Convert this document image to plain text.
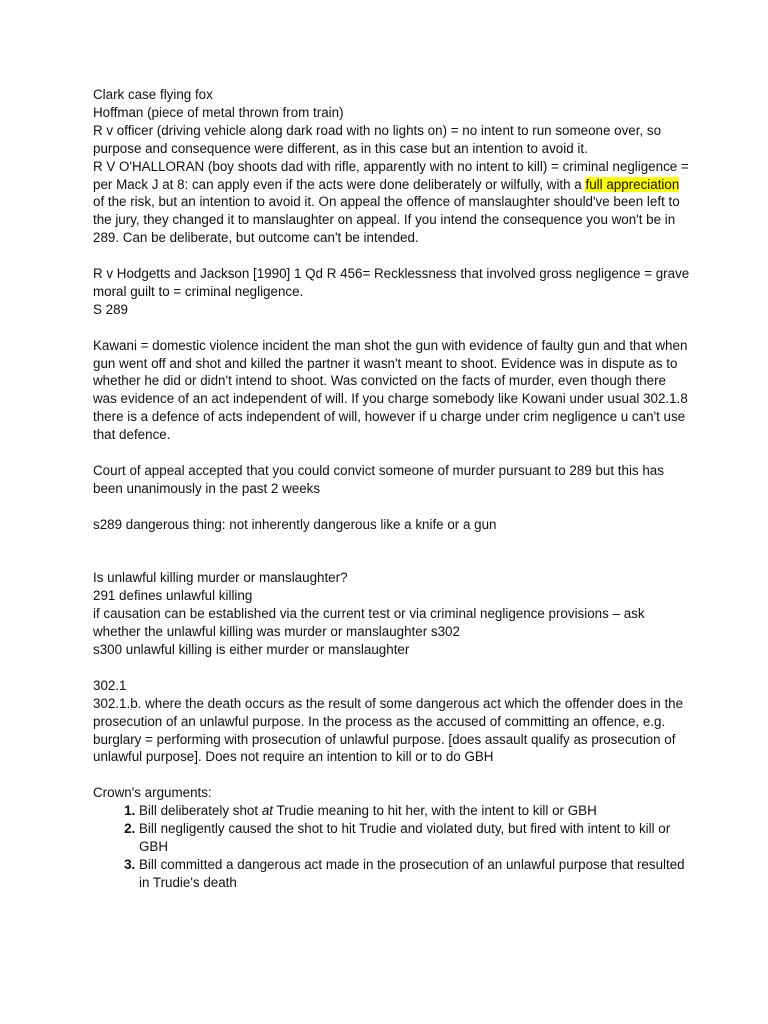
Clark case flying fox

Hoffman (piece of metal thrown from train)

R v officer (driving vehicle along dark road with no lights on) = no intent to run someone over, so purpose and consequence were different, as in this case but an intention to avoid it.

R V O'HALLORAN (boy shoots dad with rifle, apparently with no intent to kill) = criminal negligence = per Mack J at 8: can apply even if the acts were done deliberately or wilfully, with a full appreciation of the risk, but an intention to avoid it. On appeal the offence of manslaughter should've been left to the jury, they changed it to manslaughter on appeal. If you intend the consequence you won't be in 289. Can be deliberate, but outcome can't be intended.

R v Hodgetts and Jackson [1990] 1 Qd R 456= Recklessness that involved gross negligence = grave moral guilt to = criminal negligence.

S 289

Kawani = domestic violence incident the man shot the gun with evidence of faulty gun and that when gun went off and shot and killed the partner it wasn't meant to shoot. Evidence was in dispute as to whether he did or didn't intend to shoot. Was convicted on the facts of murder, even though there was evidence of an act independent of will. If you charge somebody like Kowani under usual 302.1.8 there is a defence of acts independent of will, however if u charge under crim negligence u can't use that defence.

Court of appeal accepted that you could convict someone of murder pursuant to 289 but this has been unanimously in the past 2 weeks

s289 dangerous thing: not inherently dangerous like a knife or a gun

Is unlawful killing murder or manslaughter?

291 defines unlawful killing

if causation can be established via the current test or via criminal negligence provisions – ask whether the unlawful killing was murder or manslaughter s302

s300 unlawful killing is either murder or manslaughter

302.1

302.1.b. where the death occurs as the result of some dangerous act which the offender does in the prosecution of an unlawful purpose. In the process as the accused of committing an offence, e.g. burglary = performing with prosecution of unlawful purpose. [does assault qualify as prosecution of unlawful purpose]. Does not require an intention to kill or to do GBH

Crown's arguments:

1. Bill deliberately shot at Trudie meaning to hit her, with the intent to kill or GBH
2. Bill negligently caused the shot to hit Trudie and violated duty, but fired with intent to kill or GBH
3. Bill committed a dangerous act made in the prosecution of an unlawful purpose that resulted in Trudie's death
